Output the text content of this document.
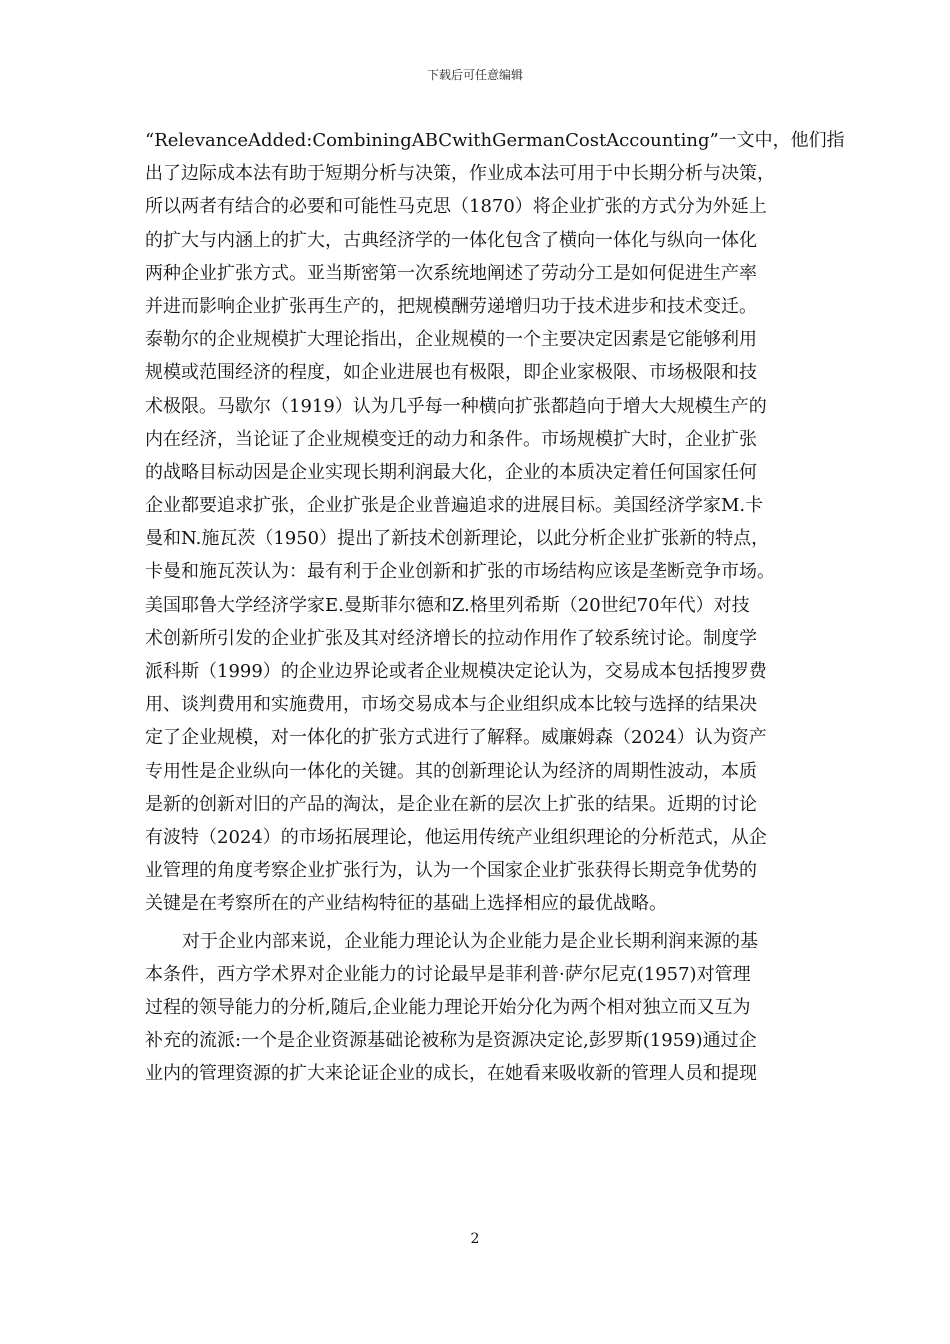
下载后可任意编辑
“RelevanceAdded:CombiningABCwithGermanCostAccounting”一文中，他们指
出了边际成本法有助于短期分析与决策，作业成本法可用于中长期分析与决策，
所以两者有结合的必要和可能性马克思（1870）将企业扩张的方式分为外延上
的扩大与内涵上的扩大，古典经济学的一体化包含了横向一体化与纵向一体化
两种企业扩张方式。亚当斯密第一次系统地阐述了劳动分工是如何促进生产率
并进而影响企业扩张再生产的，把规模酬劳递增归功于技术进步和技术变迁。
泰勒尔的企业规模扩大理论指出，企业规模的一个主要决定因素是它能够利用
规模或范围经济的程度，如企业进展也有极限，即企业家极限、市场极限和技
术极限。马歇尔（1919）认为几乎每一种横向扩张都趋向于增大大规模生产的
内在经济，当论证了企业规模变迁的动力和条件。市场规模扩大时，企业扩张
的战略目标动因是企业实现长期利润最大化，企业的本质决定着任何国家任何
企业都要追求扩张，企业扩张是企业普遍追求的进展目标。美国经济学家M.卡
曼和N.施瓦茨（1950）提出了新技术创新理论，以此分析企业扩张新的特点，
卡曼和施瓦茨认为：最有利于企业创新和扩张的市场结构应该是垄断竞争市场。
美国耶鲁大学经济学家E.曼斯菲尔德和Z.格里列希斯（20世纪70年代）对技
术创新所引发的企业扩张及其对经济增长的拉动作用作了较系统讨论。制度学
派科斯（1999）的企业边界论或者企业规模决定论认为，交易成本包括搜罗费
用、谈判费用和实施费用，市场交易成本与企业组织成本比较与选择的结果决
定了企业规模，对一体化的扩张方式进行了解释。威廉姆森（2024）认为资产
专用性是企业纵向一体化的关键。其的创新理论认为经济的周期性波动，本质
是新的创新对旧的产品的淘汰，是企业在新的层次上扩张的结果。近期的讨论
有波特（2024）的市场拓展理论，他运用传统产业组织理论的分析范式，从企
业管理的角度考察企业扩张行为，认为一个国家企业扩张获得长期竞争优势的
关键是在考察所在的产业结构特征的基础上选择相应的最优战略。
对于企业内部来说，企业能力理论认为企业能力是企业长期利润来源的基
本条件，西方学术界对企业能力的讨论最早是菲利普·萨尔尼克(1957)对管理
过程的领导能力的分析,随后,企业能力理论开始分化为两个相对独立而又互为
补充的流派:一个是企业资源基础论被称为是资源决定论,彭罗斯(1959)通过企
业内的管理资源的扩大来论证企业的成长，在她看来吸收新的管理人员和提现
2
